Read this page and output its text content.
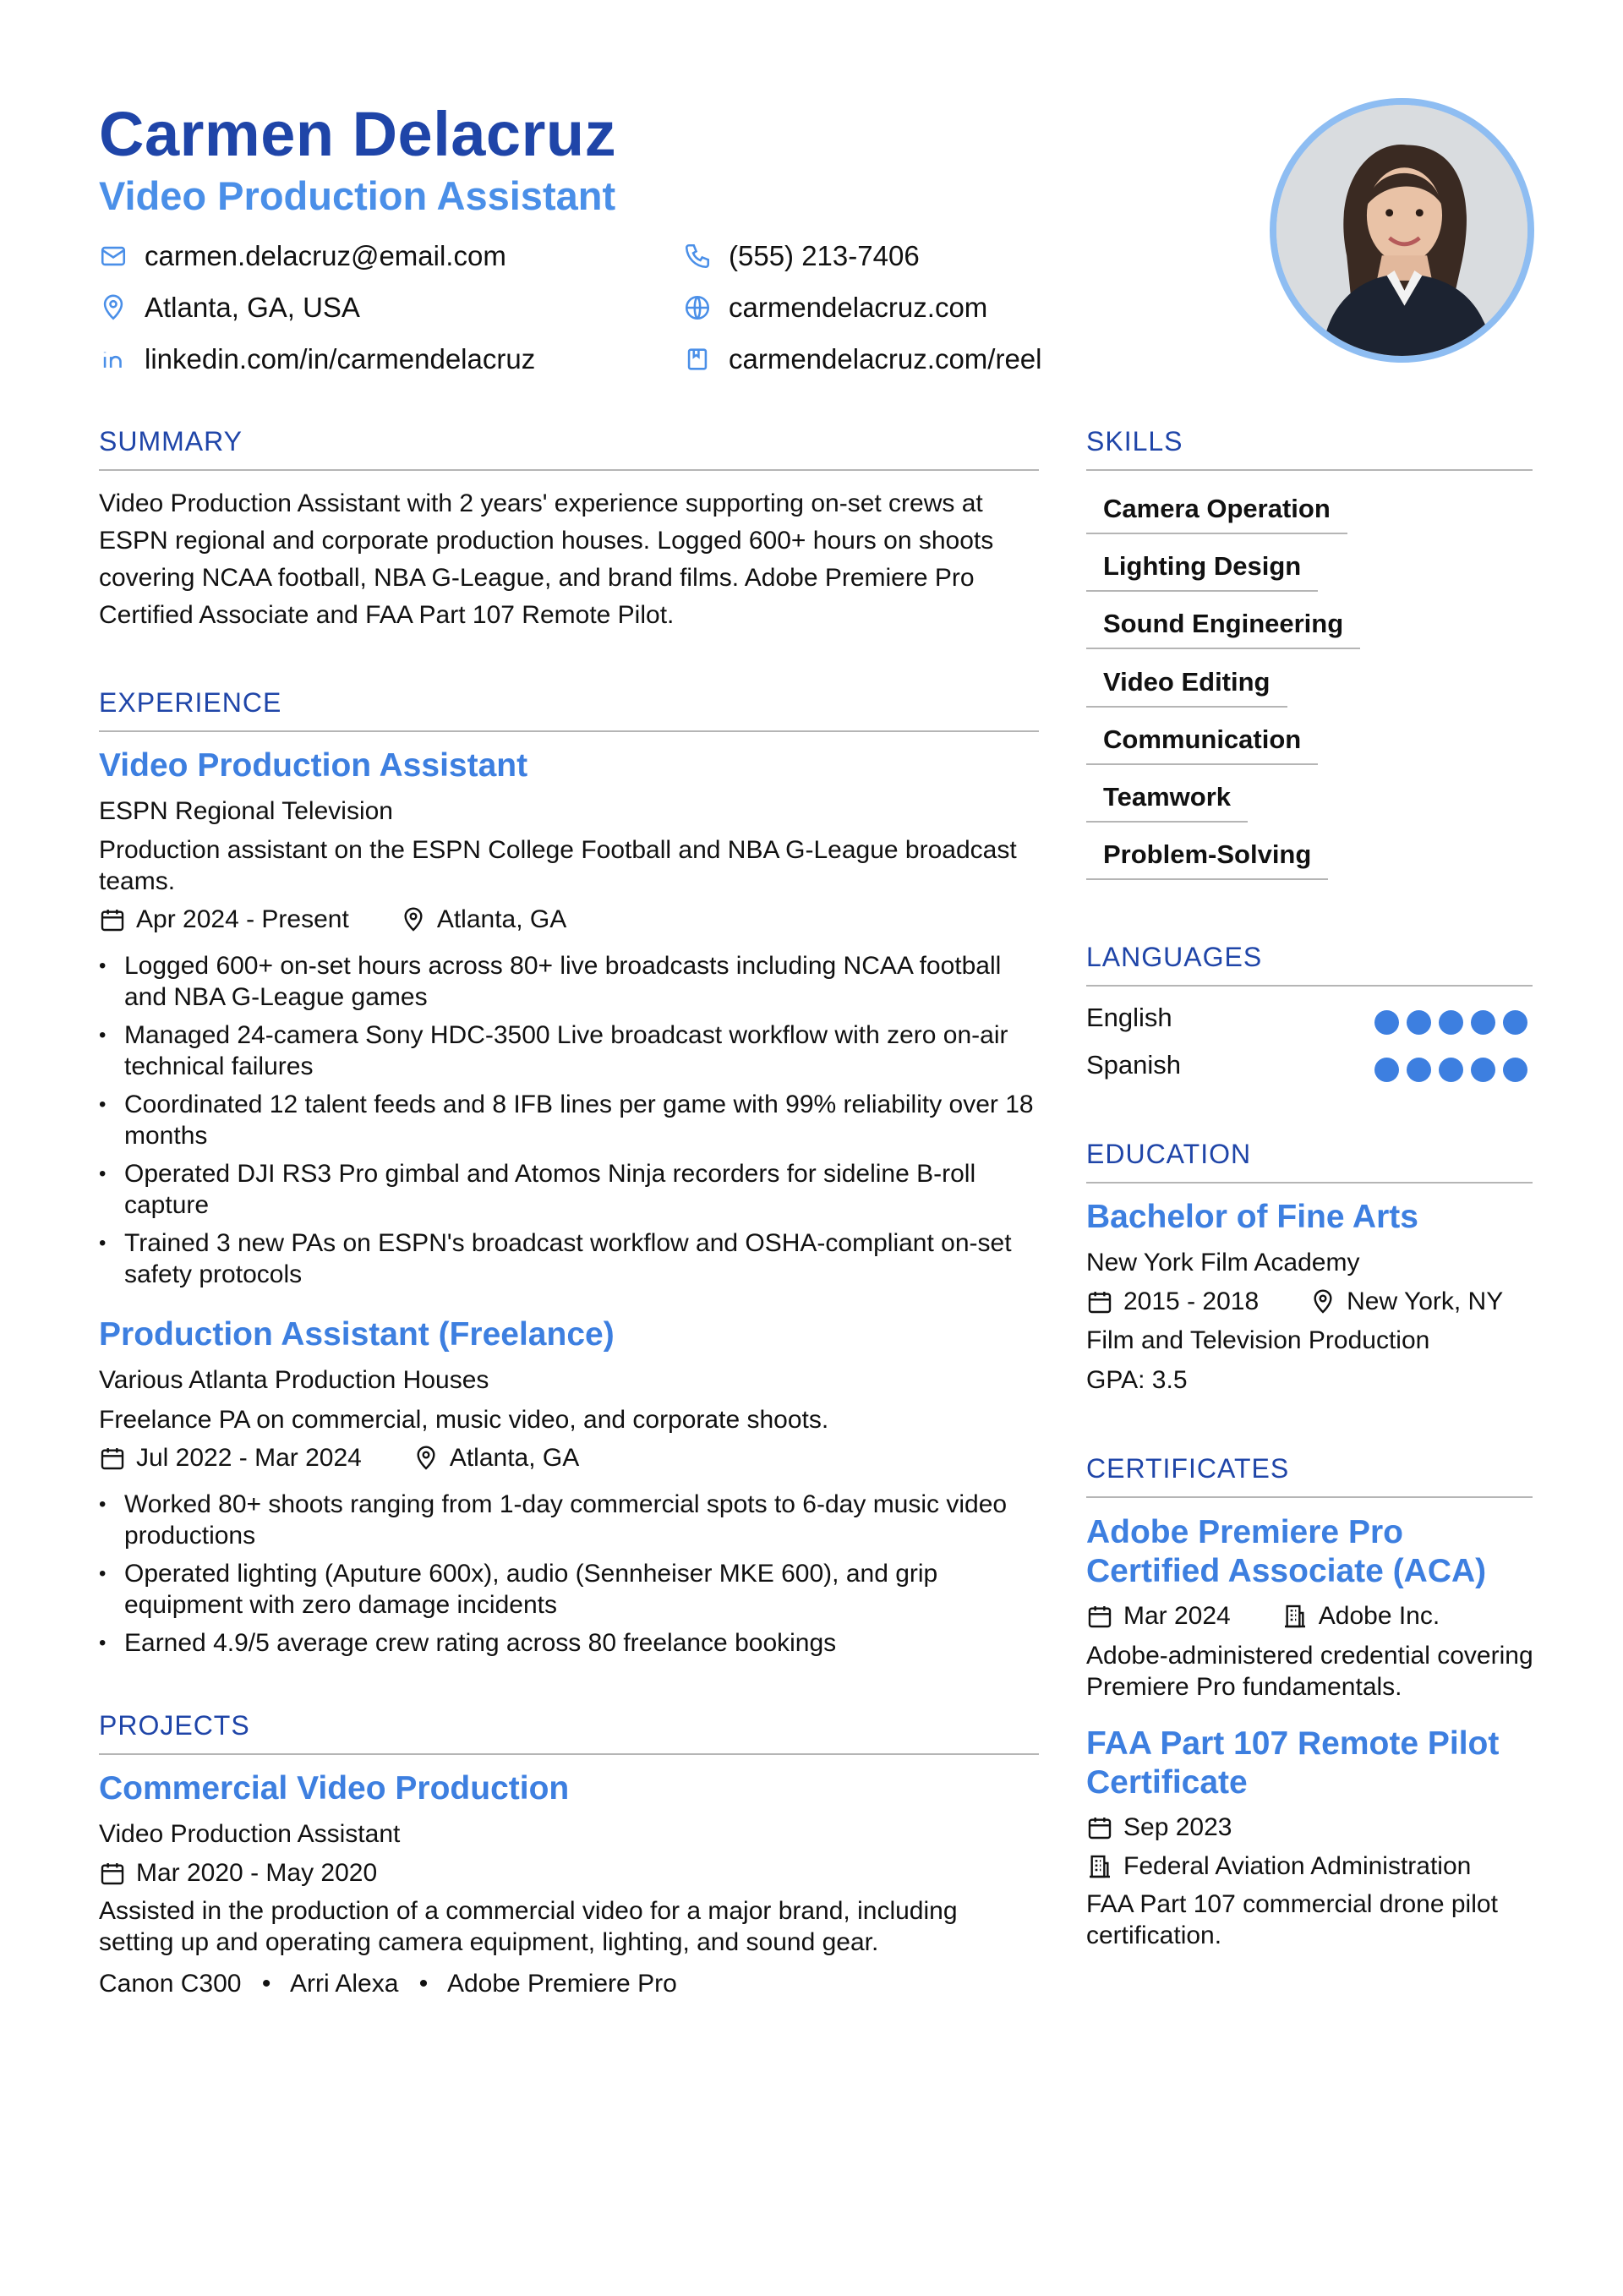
Carmen Delacruz
Video Production Assistant
carmen.delacruz@email.com	(555) 213-7406
Atlanta, GA, USA	carmendelacruz.com
linkedin.com/in/carmendelacruz	carmendelacruz.com/reel
SUMMARY
Video Production Assistant with 2 years' experience supporting on-set crews at ESPN regional and corporate production houses. Logged 600+ hours on shoots covering NCAA football, NBA G-League, and brand films. Adobe Premiere Pro Certified Associate and FAA Part 107 Remote Pilot.
EXPERIENCE
Video Production Assistant
ESPN Regional Television
Production assistant on the ESPN College Football and NBA G-League broadcast teams.
Apr 2024 - Present	Atlanta, GA
• Logged 600+ on-set hours across 80+ live broadcasts including NCAA football and NBA G-League games
• Managed 24-camera Sony HDC-3500 Live broadcast workflow with zero on-air technical failures
• Coordinated 12 talent feeds and 8 IFB lines per game with 99% reliability over 18 months
• Operated DJI RS3 Pro gimbal and Atomos Ninja recorders for sideline B-roll capture
• Trained 3 new PAs on ESPN's broadcast workflow and OSHA-compliant on-set safety protocols
Production Assistant (Freelance)
Various Atlanta Production Houses
Freelance PA on commercial, music video, and corporate shoots.
Jul 2022 - Mar 2024	Atlanta, GA
• Worked 80+ shoots ranging from 1-day commercial spots to 6-day music video productions
• Operated lighting (Aputure 600x), audio (Sennheiser MKE 600), and grip equipment with zero damage incidents
• Earned 4.9/5 average crew rating across 80 freelance bookings
PROJECTS
Commercial Video Production
Video Production Assistant
Mar 2020 - May 2020
Assisted in the production of a commercial video for a major brand, including setting up and operating camera equipment, lighting, and sound gear.
Canon C300 • Arri Alexa • Adobe Premiere Pro
SKILLS
Camera Operation
Lighting Design
Sound Engineering
Video Editing
Communication
Teamwork
Problem-Solving
LANGUAGES
English
Spanish
EDUCATION
Bachelor of Fine Arts
New York Film Academy
2015 - 2018	New York, NY
Film and Television Production
GPA: 3.5
CERTIFICATES
Adobe Premiere Pro Certified Associate (ACA)
Mar 2024	Adobe Inc.
Adobe-administered credential covering Premiere Pro fundamentals.
FAA Part 107 Remote Pilot Certificate
Sep 2023
Federal Aviation Administration
FAA Part 107 commercial drone pilot certification.
